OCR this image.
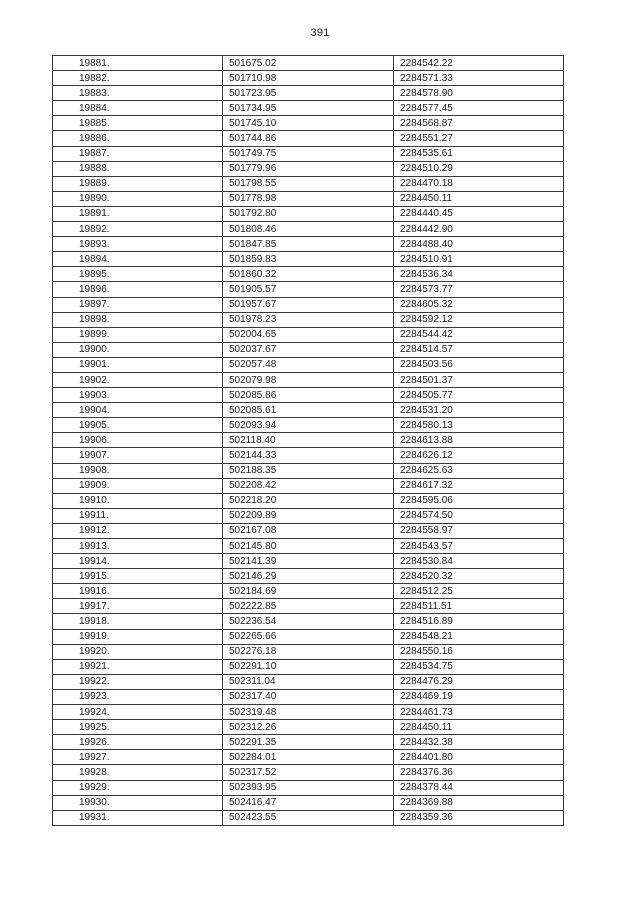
391
19881.	501675.02	2284542.22
19882.	501710.98	2284571.33
19883.	501723.95	2284578.90
19884.	501734.95	2284577.45
19885.	501745.10	2284568.87
19886.	501744.86	2284551.27
19887.	501749.75	2284535.61
19888.	501779.96	2284510.29
19889.	501798.55	2284470.18
19890.	501778.98	2284450.11
19891.	501792.80	2284440.45
19892.	501808.46	2284442.90
19893.	501847.85	2284488.40
19894.	501859.83	2284510.91
19895.	501860.32	2284536.34
19896.	501905.57	2284573.77
19897.	501957.67	2284605.32
19898.	501978.23	2284592.12
19899.	502004.65	2284544.42
19900.	502037.67	2284514.57
19901.	502057.48	2284503.56
19902.	502079.98	2284501.37
19903.	502085.86	2284505.77
19904.	502085.61	2284531.20
19905.	502093.94	2284580.13
19906.	502118.40	2284613.88
19907.	502144.33	2284626.12
19908.	502188.35	2284625.63
19909.	502208.42	2284617.32
19910.	502218.20	2284595.06
19911.	502209.89	2284574.50
19912.	502167.08	2284558.97
19913.	502145.80	2284543.57
19914.	502141.39	2284530.84
19915.	502146.29	2284520.32
19916.	502184.69	2284512.25
19917.	502222.85	2284511.51
19918.	502236.54	2284516.89
19919.	502265.66	2284548.21
19920.	502276.18	2284550.16
19921.	502291.10	2284534.75
19922.	502311.04	2284476.29
19923.	502317.40	2284469.19
19924.	502319.48	2284461.73
19925.	502312.26	2284450.11
19926.	502291.35	2284432.38
19927.	502284.01	2284401.80
19928.	502317.52	2284376.36
19929.	502393.95	2284378.44
19930.	502416.47	2284369.88
19931.	502423.55	2284359.36
